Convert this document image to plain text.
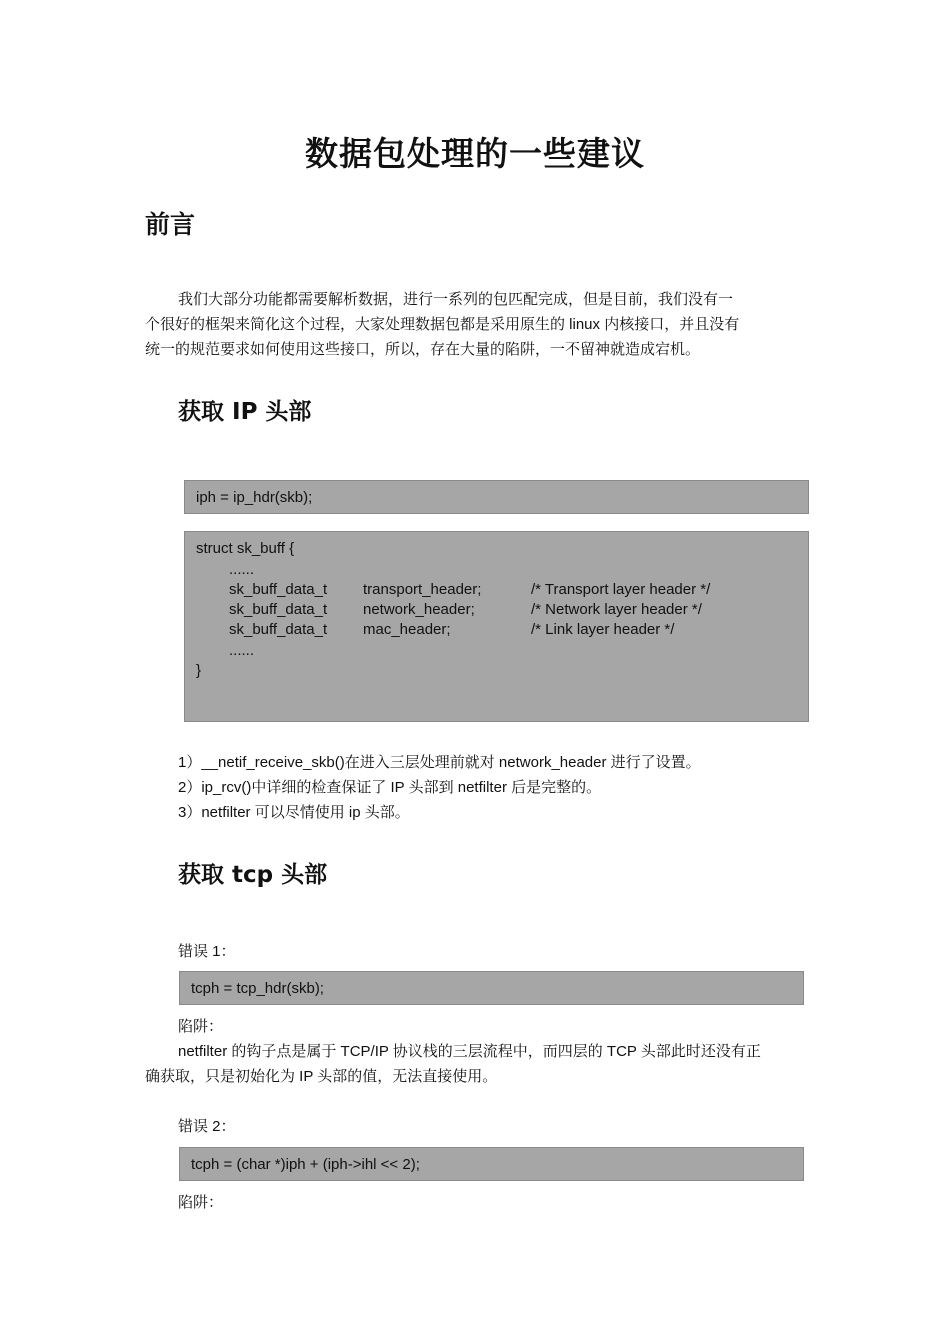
数据包处理的一些建议
前言
我们大部分功能都需要解析数据，进行一系列的包匹配完成，但是目前，我们没有一
个很好的框架来简化这个过程，大家处理数据包都是采用原生的 linux 内核接口，并且没有
统一的规范要求如何使用这些接口，所以，存在大量的陷阱，一不留神就造成宕机。
获取 IP 头部
iph = ip_hdr(skb);
struct sk_buff {
......
sk_buff_data_t transport_header;	/* Transport layer header */
sk_buff_data_t network_header;	/* Network layer header */
sk_buff_data_t mac_header;	/* Link layer header */
......
}
1）__netif_receive_skb()在进入三层处理前就对 network_header 进行了设置。
2）ip_rcv()中详细的检查保证了 IP 头部到 netfilter 后是完整的。
3）netfilter 可以尽情使用 ip 头部。
获取 tcp 头部
错误 1：
tcph = tcp_hdr(skb);
陷阱：
netfilter 的钩子点是属于 TCP/IP 协议栈的三层流程中，而四层的 TCP 头部此时还没有正
确获取，只是初始化为 IP 头部的值，无法直接使用。
错误 2：
tcph = (char *)iph + (iph->ihl << 2);
陷阱：
